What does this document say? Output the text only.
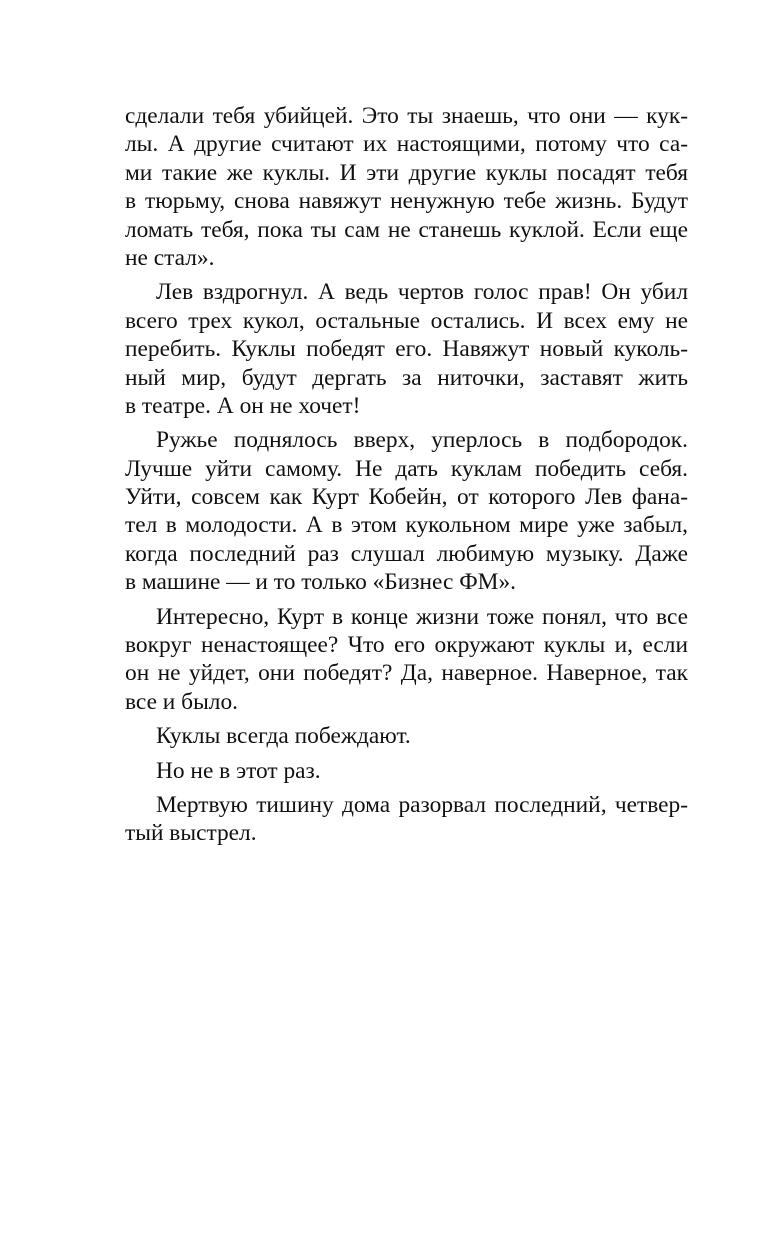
сделали тебя убийцей. Это ты знаешь, что они — кук-
лы. А другие считают их настоящими, потому что са-
ми такие же куклы. И эти другие куклы посадят тебя
в тюрьму, снова навяжут ненужную тебе жизнь. Будут
ломать тебя, пока ты сам не станешь куклой. Если еще
не стал».
Лев вздрогнул. А ведь чертов голос прав! Он убил
всего трех кукол, остальные остались. И всех ему не
перебить. Куклы победят его. Навяжут новый куколь-
ный мир, будут дергать за ниточки, заставят жить
в театре. А он не хочет!
Ружье поднялось вверх, уперлось в подбородок.
Лучше уйти самому. Не дать куклам победить себя.
Уйти, совсем как Курт Кобейн, от которого Лев фана-
тел в молодости. А в этом кукольном мире уже забыл,
когда последний раз слушал любимую музыку. Даже
в машине — и то только «Бизнес ФМ».
Интересно, Курт в конце жизни тоже понял, что все
вокруг ненастоящее? Что его окружают куклы и, если
он не уйдет, они победят? Да, наверное. Наверное, так
все и было.
Куклы всегда побеждают.
Но не в этот раз.
Мертвую тишину дома разорвал последний, четвер-
тый выстрел.
